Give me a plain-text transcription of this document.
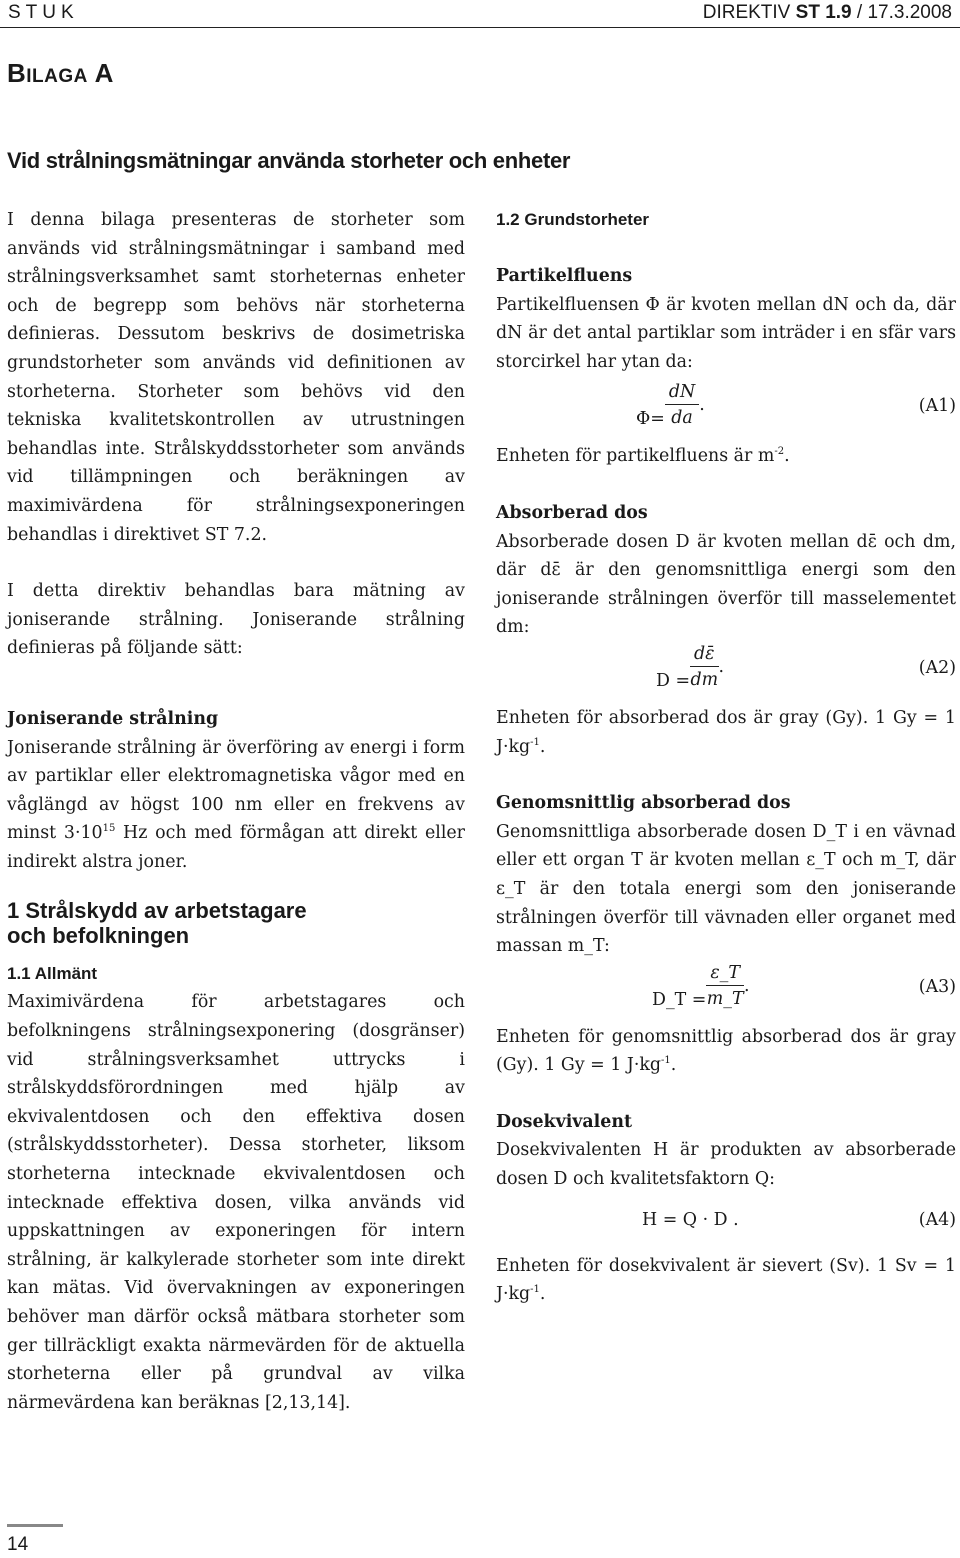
STUK	DIREKTIV ST 1.9 / 17.3.2008
BILAGA A
Vid strålningsmätningar använda storheter och enheter

I denna bilaga presenteras de storheter som används vid strålningsmätningar i samband med strålningsverksamhet samt storheternas enheter och de begrepp som behövs när storheterna definieras. Dessutom beskrivs de dosimetriska grundstorheter som används vid definitionen av storheterna. Storheter som behövs vid den tekniska kvalitetskontrollen av utrustningen behandlas inte. Strålskyddsstorheter som används vid tillämpningen och beräkningen av maximivärdena för strålningsexponeringen behandlas i direktivet ST 7.2.

I detta direktiv behandlas bara mätning av joniserande strålning. Joniserande strålning definieras på följande sätt:

Joniserande strålning

Joniserande strålning är överföring av energi i form av partiklar eller elektromagnetiska vågor med en våglängd av högst 100 nm eller en frekvens av minst $3\cdot 10^{15}$ Hz och med förmågan att direkt eller indirekt alstra joner.

1 Strålskydd av arbetstagare och befolkningen
1.1 Allmänt

Maximivärdena för arbetstagares och befolkningens strålningsexponering (dosgränser) vid strålningsverksamhet uttrycks i strålskyddsförordningen med hjälp av ekvivalentdosen och den effektiva dosen (strålskyddsstorheter). Dessa storheter, liksom storheterna intecknade ekvivalentdosen och intecknade effektiva dosen, vilka används vid uppskattningen av exponeringen för intern strålning, är kalkylerade storheter som inte direkt kan mätas. Vid övervakningen av exponeringen behöver man därför också mätbara storheter som ger tillräckligt exakta närmevärden för de aktuella storheterna eller på grundval av vilka närmevärdena kan beräknas [2,13,14].

1.2 Grundstorheter

Partikelfluens

Partikelfluensen Φ är kvoten mellan dN och da, där dN är det antal partiklar som inträder i en sfär vars storcirkel har ytan da:

$\Phi= \frac{dN}{da}$ .	(A1)

Enheten för partikelfluens är $m^{-2}$.

Absorberad dos

Absorberade dosen D är kvoten mellan dε̄ och dm, där dε̄ är den genomsnittliga energi som den joniserande strålningen överför till masselementet dm:

$D = \frac{d\varepsilon̄}{dm}$ .	(A2)

Enheten för absorberad dos är gray (Gy). 1 Gy = 1 $J\cdot kg^{-1}$.

Genomsnittlig absorberad dos

Genomsnittliga absorberade dosen D_T i en vävnad eller ett organ T är kvoten mellan ε_T och m_T, där ε_T är den totala energi som den joniserande strålningen överför till vävnaden eller organet med massan m_T:

D_T = $\frac{\varepsilon\_T}{m\_T}$ .	(A3)

Enheten för genomsnittlig absorberad dos är gray (Gy). 1 Gy = 1 $J\cdot kg^{-1}$.

Dosekvivalent

Dosekvivalenten H är produkten av absorberade dosen D och kvalitetsfaktorn Q:

H = Q · D .	(A4)

Enheten för dosekvivalent är sievert (Sv). 1 Sv = 1 $J\cdot kg^{-1}$.

14
